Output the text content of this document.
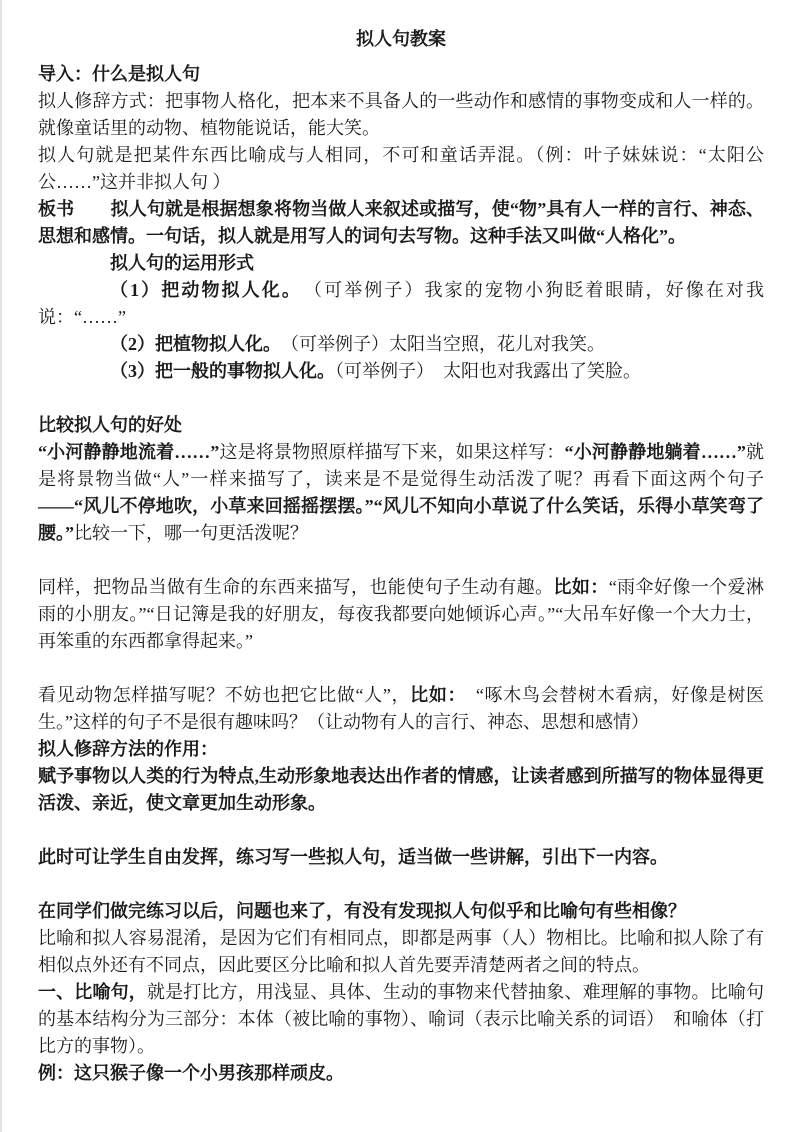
拟人句教案

导入：什么是拟人句

拟人修辞方式：把事物人格化，把本来不具备人的一些动作和感情的事物变成和人一样的。就像童话里的动物、植物能说话，能大笑。

拟人句就是把某件东西比喻成与人相同，不可和童话弄混。（例：叶子妹妹说：“太阳公公……”这并非拟人句 ）

板书　　拟人句就是根据想象将物当做人来叙述或描写，使“物”具有人一样的言行、神态、思想和感情。一句话，拟人就是用写人的词句去写物。这种手法又叫做“人格化”。

拟人句的运用形式

（1）把动物拟人化。　（可举例子）我家的宠物小狗眨着眼睛，好像在对我说：“……”

（2）把植物拟人化。　（可举例子）太阳当空照，花儿对我笑。

（3）把一般的事物拟人化。（可举例子）　太阳也对我露出了笑脸。

比较拟人句的好处

“小河静静地流着……”这是将景物照原样描写下来，如果这样写：“小河静静地躺着……”就是将景物当做“人”一样来描写了，读来是不是觉得生动活泼了呢？再看下面这两个句子——“风儿不停地吹，小草来回摇摇摆摆。”“风儿不知向小草说了什么笑话，乐得小草笑弯了腰。”比较一下，哪一句更活泼呢？

同样，把物品当做有生命的东西来描写，也能使句子生动有趣。比如：“雨伞好像一个爱淋雨的小朋友。”“日记簿是我的好朋友，每夜我都要向她倾诉心声。”“大吊车好像一个大力士，再笨重的东西都拿得起来。”

看见动物怎样描写呢？不妨也把它比做“人”，比如：　“啄木鸟会替树木看病，好像是树医生。”这样的句子不是很有趣味吗？（让动物有人的言行、神态、思想和感情）

拟人修辞方法的作用：

赋予事物以人类的行为特点,生动形象地表达出作者的情感，让读者感到所描写的物体显得更活泼、亲近，使文章更加生动形象。

此时可让学生自由发挥，练习写一些拟人句，适当做一些讲解，引出下一内容。

在同学们做完练习以后，问题也来了，有没有发现拟人句似乎和比喻句有些相像？

比喻和拟人容易混淆，是因为它们有相同点，即都是两事（人）物相比。比喻和拟人除了有相似点外还有不同点，因此要区分比喻和拟人首先要弄清楚两者之间的特点。

一、比喻句，就是打比方，用浅显、具体、生动的事物来代替抽象、难理解的事物。比喻句的基本结构分为三部分：本体（被比喻的事物）、喻词（表示比喻关系的词语）　和喻体（打比方的事物）。

例：这只猴子像一个小男孩那样顽皮。
